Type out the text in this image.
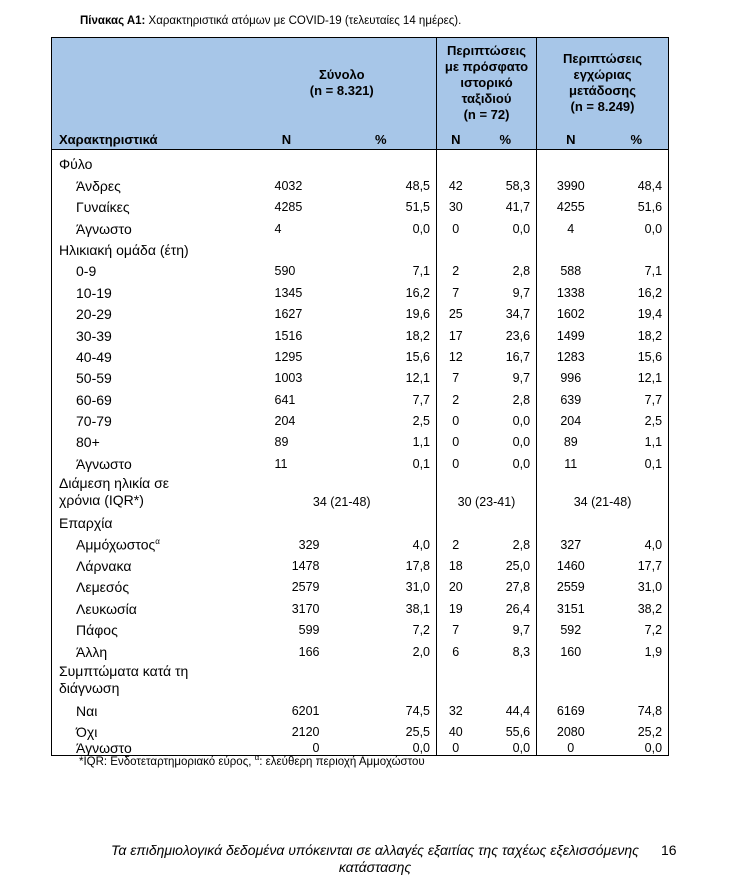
Πίνακας Α1: Χαρακτηριστικά ατόμων με COVID-19 (τελευταίες 14 ημέρες).
	Σύνολο
(n = 8.321)		Περιπτώσεις με πρόσφατο ιστορικό ταξιδιού
(n = 72)		Περιπτώσεις εγχώριας μετάδοσης
(n = 8.249)	
Χαρακτηριστικά	N	%	N	%	N	%
Φύλο						
Άνδρες	4032	48,5	42	58,3	3990	48,4
Γυναίκες	4285	51,5	30	41,7	4255	51,6
Άγνωστο	4	0,0	0	0,0	4	0,0
Ηλικιακή ομάδα (έτη)						
0-9	590	7,1	2	2,8	588	7,1
10-19	1345	16,2	7	9,7	1338	16,2
20-29	1627	19,6	25	34,7	1602	19,4
30-39	1516	18,2	17	23,6	1499	18,2
40-49	1295	15,6	12	16,7	1283	15,6
50-59	1003	12,1	7	9,7	996	12,1
60-69	641	7,7	2	2,8	639	7,7
70-79	204	2,5	0	0,0	204	2,5
80+	89	1,1	0	0,0	89	1,1
Άγνωστο	11	0,1	0	0,0	11	0,1
Διάμεση ηλικία σε
χρόνια (IQR*)	34 (21-48)		30 (23-41)		34 (21-48)	
Επαρχία						
Αμμόχωστος$^\alpha$	329	4,0	2	2,8	327	4,0
Λάρνακα	1478	17,8	18	25,0	1460	17,7
Λεμεσός	2579	31,0	20	27,8	2559	31,0
Λευκωσία	3170	38,1	19	26,4	3151	38,2
Πάφος	599	7,2	7	9,7	592	7,2
Άλλη	166	2,0	6	8,3	160	1,9
Συμπτώματα κατά τη
διάγνωση						
Ναι	6201	74,5	32	44,4	6169	74,8
Όχι	2120	25,5	40	55,6	2080	25,2
Άγνωστο	0	0,0	0	0,0	0	0,0
*IQR: Ενδοτεταρτημοριακό εύρος, $^\alpha$: ελεύθερη περιοχή Αμμοχώστου
Τα επιδημιολογικά δεδομένα υπόκεινται σε αλλαγές εξαιτίας της ταχέως εξελισσόμενης κατάστασης
16
